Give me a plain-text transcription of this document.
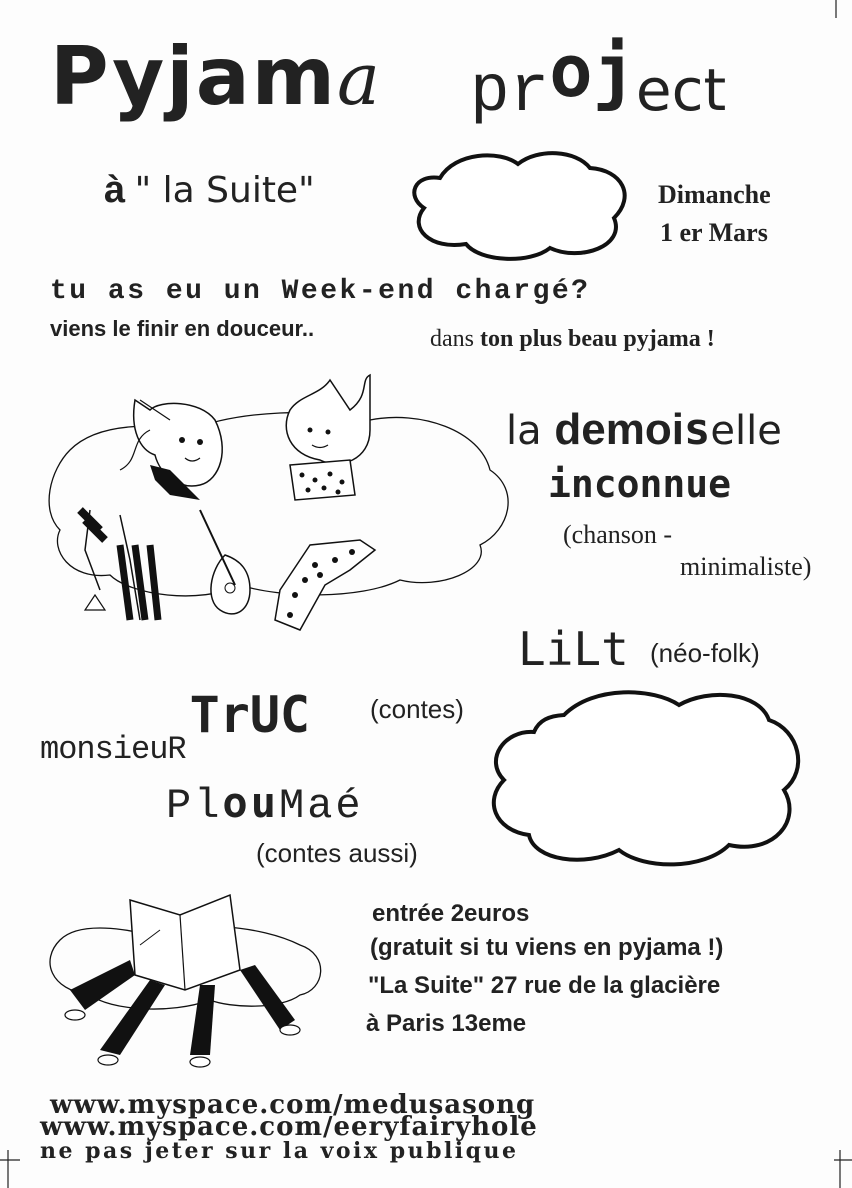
Pyjama project
à " la Suite"	Dimanche
1 er Mars
tu as eu un Week-end chargé?
viens le finir en douceur..	dans ton plus beau pyjama !
la demoiselle
inconnue
(chanson -
minimaliste)
LiLt (néo-folk)
monsieuR TrUC (contes)
PlouMaé
(contes aussi)
entrée 2euros
(gratuit si tu viens en pyjama !)
"La Suite" 27 rue de la glacière
à Paris 13eme
www.myspace.com/medusasong
www.myspace.com/eeryfairyhole
ne pas jeter sur la voix publique
